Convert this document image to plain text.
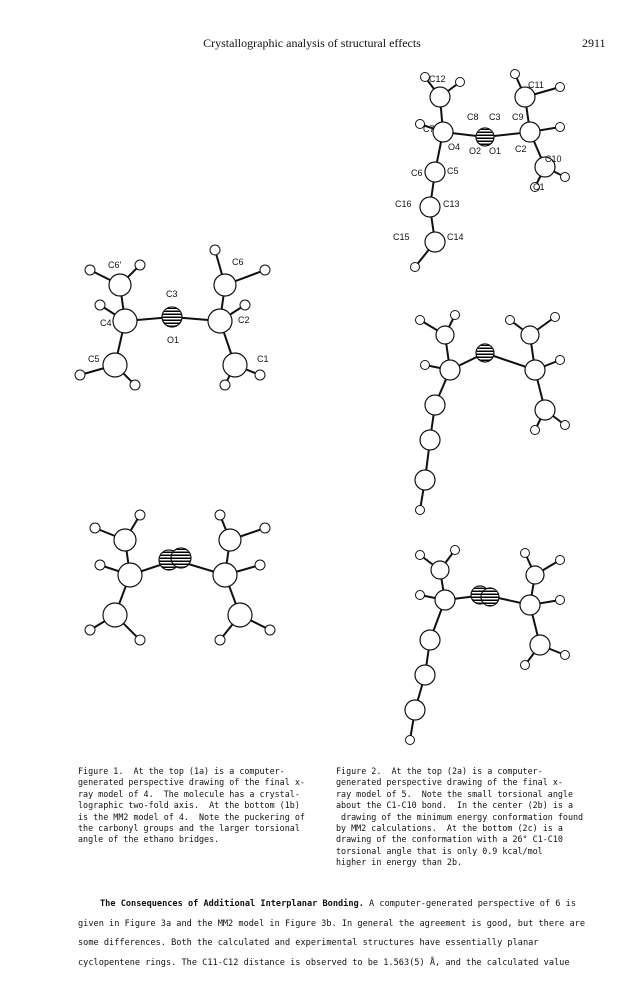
Crystallographic analysis of structural effects	2911
C6'	C6
C3
C4	C2
O1
C5	C1
C12
C11
C7
C8 C3 C9
O4 O2 O1 C2
C6	C5
C10
C1
C16	C13
C15	C14
Figure 1.  At the top (1a) is a computer-
generated perspective drawing of the final x-
ray model of 4.  The molecule has a crystal-
lographic two-fold axis.  At the bottom (1b)
is the MM2 model of 4.  Note the puckering of
the carbonyl groups and the larger torsional
angle of the ethano bridges.
Figure 2.  At the top (2a) is a computer-
generated perspective drawing of the final x-
ray model of 5.  Note the small torsional angle
about the C1-C10 bond.  In the center (2b) is a
drawing of the minimum energy conformation found
by MM2 calculations.  At the bottom (2c) is a
drawing of the conformation with a 26° C1-C10
torsional angle that is only 0.9 kcal/mol
higher in energy than 2b.

The Consequences of Additional Interplanar Bonding. A computer-generated perspective of 6 is given in Figure 3a and the MM2 model in Figure 3b. In general the agreement is good, but there are some differences. Both the calculated and experimental structures have essentially planar cyclopentene rings. The C11-C12 distance is observed to be 1.563(5) Å, and the calculated value
